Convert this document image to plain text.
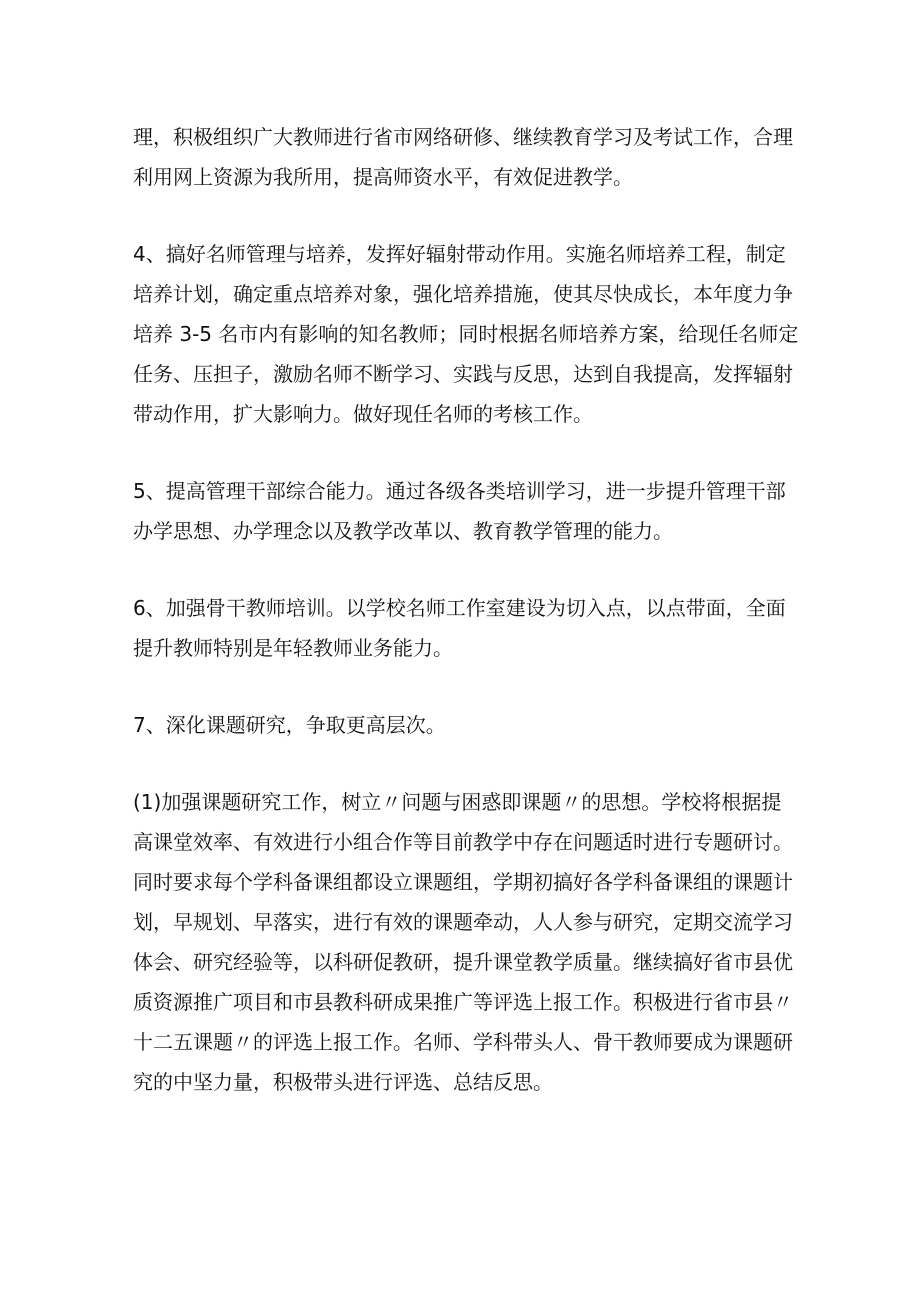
理，积极组织广大教师进行省市网络研修、继续教育学习及考试工作，合理
利用网上资源为我所用，提高师资水平，有效促进教学。

4、搞好名师管理与培养，发挥好辐射带动作用。实施名师培养工程，制定
培养计划，确定重点培养对象，强化培养措施，使其尽快成长，本年度力争
培养 3-5 名市内有影响的知名教师；同时根据名师培养方案，给现任名师定
任务、压担子，激励名师不断学习、实践与反思，达到自我提高，发挥辐射
带动作用，扩大影响力。做好现任名师的考核工作。

5、提高管理干部综合能力。通过各级各类培训学习，进一步提升管理干部
办学思想、办学理念以及教学改革以、教育教学管理的能力。

6、加强骨干教师培训。以学校名师工作室建设为切入点，以点带面，全面
提升教师特别是年轻教师业务能力。

7、深化课题研究，争取更高层次。

(1)加强课题研究工作，树立〃问题与困惑即课题〃的思想。学校将根据提
高课堂效率、有效进行小组合作等目前教学中存在问题适时进行专题研讨。
同时要求每个学科备课组都设立课题组，学期初搞好各学科备课组的课题计
划，早规划、早落实，进行有效的课题牵动，人人参与研究，定期交流学习
体会、研究经验等，以科研促教研，提升课堂教学质量。继续搞好省市县优
质资源推广项目和市县教科研成果推广等评选上报工作。积极进行省市县〃
十二五课题〃的评选上报工作。名师、学科带头人、骨干教师要成为课题研
究的中坚力量，积极带头进行评选、总结反思。
